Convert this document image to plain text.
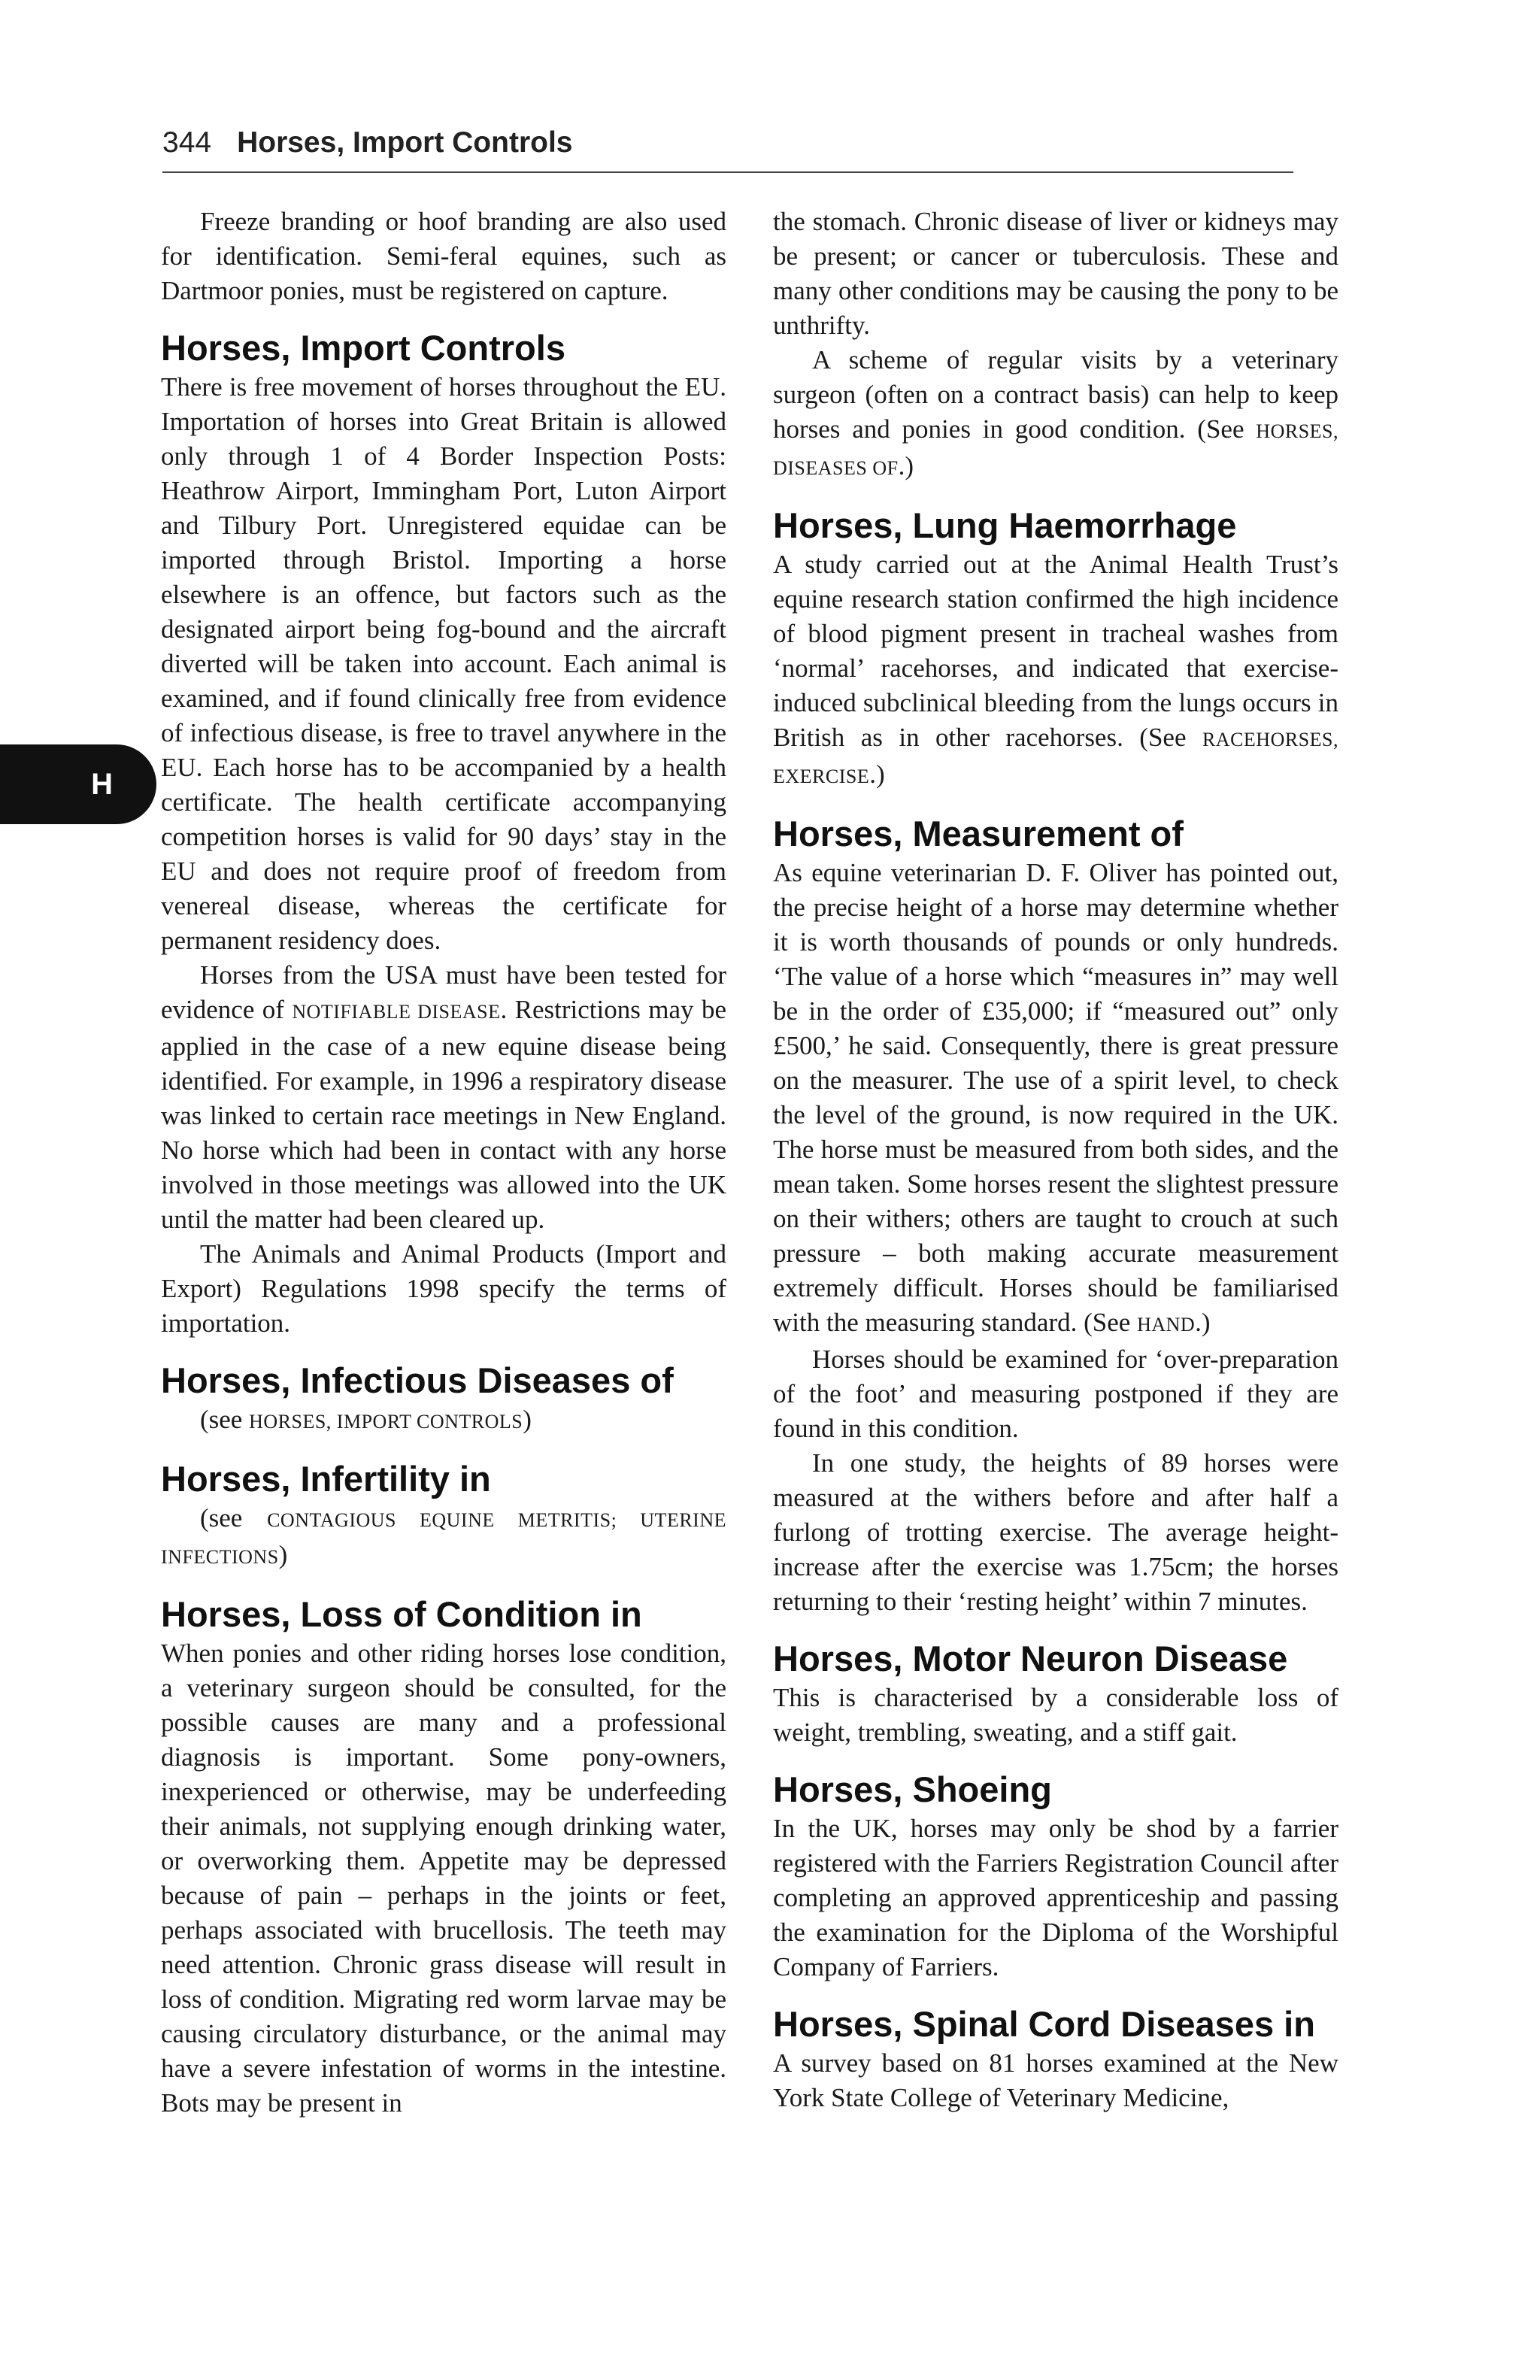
344 Horses, Import Controls
H

Freeze branding or hoof branding are also used for identification. Semi-feral equines, such as Dartmoor ponies, must be registered on capture.

Horses, Import Controls

There is free movement of horses throughout the EU. Importation of horses into Great Britain is allowed only through 1 of 4 Border Inspection Posts: Heathrow Airport, Immingham Port, Luton Airport and Tilbury Port. Unregistered equidae can be imported through Bristol. Importing a horse elsewhere is an offence, but factors such as the designated airport being fog-bound and the aircraft diverted will be taken into account. Each animal is examined, and if found clinically free from evidence of infectious disease, is free to travel anywhere in the EU. Each horse has to be accompanied by a health certificate. The health certificate accompanying competition horses is valid for 90 days’ stay in the EU and does not require proof of freedom from venereal disease, whereas the certificate for permanent residency does.

Horses from the USA must have been tested for evidence of NOTIFIABLE DISEASE. Restrictions may be applied in the case of a new equine disease being identified. For example, in 1996 a respiratory disease was linked to certain race meetings in New England. No horse which had been in contact with any horse involved in those meetings was allowed into the UK until the matter had been cleared up.

The Animals and Animal Products (Import and Export) Regulations 1998 specify the terms of importation.

Horses, Infectious Diseases of

(see HORSES, IMPORT CONTROLS)

Horses, Infertility in

(see CONTAGIOUS EQUINE METRITIS; UTERINE INFECTIONS)

Horses, Loss of Condition in

When ponies and other riding horses lose condition, a veterinary surgeon should be consulted, for the possible causes are many and a professional diagnosis is important. Some pony-owners, inexperienced or otherwise, may be underfeeding their animals, not supplying enough drinking water, or overworking them. Appetite may be depressed because of pain – perhaps in the joints or feet, perhaps associated with brucellosis. The teeth may need attention. Chronic grass disease will result in loss of condition. Migrating red worm larvae may be causing circulatory disturbance, or the animal may have a severe infestation of worms in the intestine. Bots may be present in

the stomach. Chronic disease of liver or kidneys may be present; or cancer or tuberculosis. These and many other conditions may be causing the pony to be unthrifty.

A scheme of regular visits by a veterinary surgeon (often on a contract basis) can help to keep horses and ponies in good condition. (See HORSES, DISEASES OF.)

Horses, Lung Haemorrhage

A study carried out at the Animal Health Trust’s equine research station confirmed the high incidence of blood pigment present in tracheal washes from ‘normal’ racehorses, and indicated that exercise-induced subclinical bleeding from the lungs occurs in British as in other racehorses. (See RACEHORSES, EXERCISE.)

Horses, Measurement of

As equine veterinarian D. F. Oliver has pointed out, the precise height of a horse may determine whether it is worth thousands of pounds or only hundreds. ‘The value of a horse which “measures in” may well be in the order of £35,000; if “measured out” only £500,’ he said. Consequently, there is great pressure on the measurer. The use of a spirit level, to check the level of the ground, is now required in the UK. The horse must be measured from both sides, and the mean taken. Some horses resent the slightest pressure on their withers; others are taught to crouch at such pressure – both making accurate measurement extremely difficult. Horses should be familiarised with the measuring standard. (See HAND.)

Horses should be examined for ‘over-preparation of the foot’ and measuring postponed if they are found in this condition.

In one study, the heights of 89 horses were measured at the withers before and after half a furlong of trotting exercise. The average height-increase after the exercise was 1.75cm; the horses returning to their ‘resting height’ within 7 minutes.

Horses, Motor Neuron Disease

This is characterised by a considerable loss of weight, trembling, sweating, and a stiff gait.

Horses, Shoeing

In the UK, horses may only be shod by a farrier registered with the Farriers Registration Council after completing an approved apprenticeship and passing the examination for the Diploma of the Worshipful Company of Farriers.

Horses, Spinal Cord Diseases in

A survey based on 81 horses examined at the New York State College of Veterinary Medicine,
